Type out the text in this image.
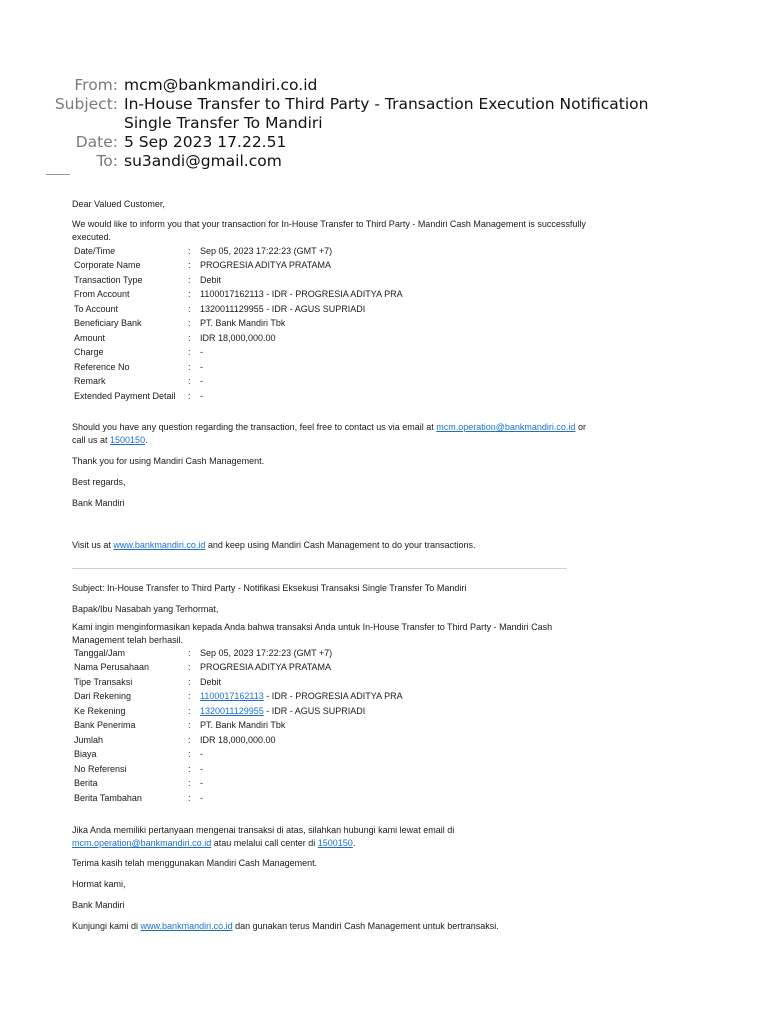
From: mcm@bankmandiri.co.id
Subject: In-House Transfer to Third Party - Transaction Execution Notification Single Transfer To Mandiri
Date: 5 Sep 2023 17.22.51
To: su3andi@gmail.com

Dear Valued Customer,

We would like to inform you that your transaction for In-House Transfer to Third Party - Mandiri Cash Management is successfully executed.

Date/Time	:	Sep 05, 2023 17:22:23 (GMT +7)
Corporate Name	:	PROGRESIA ADITYA PRATAMA
Transaction Type	:	Debit
From Account	:	1100017162113 - IDR - PROGRESIA ADITYA PRA
To Account	:	1320011129955 - IDR - AGUS SUPRIADI
Beneficiary Bank	:	PT. Bank Mandiri Tbk
Amount	:	IDR 18,000,000.00
Charge	:	-
Reference No	:	-
Remark	:	-
Extended Payment Detail	:	-

Should you have any question regarding the transaction, feel free to contact us via email at mcm.operation@bankmandiri.co.id or call us at 1500150.

Thank you for using Mandiri Cash Management.

Best regards,

Bank Mandiri

Visit us at www.bankmandiri.co.id and keep using Mandiri Cash Management to do your transactions.

Subject: In-House Transfer to Third Party - Notifikasi Eksekusi Transaksi Single Transfer To Mandiri

Bapak/Ibu Nasabah yang Terhormat,

Kami ingin menginformasikan kepada Anda bahwa transaksi Anda untuk In-House Transfer to Third Party - Mandiri Cash Management telah berhasil.

Tanggal/Jam	:	Sep 05, 2023 17:22:23 (GMT +7)
Nama Perusahaan	:	PROGRESIA ADITYA PRATAMA
Tipe Transaksi	:	Debit
Dari Rekening	:	1100017162113 - IDR - PROGRESIA ADITYA PRA
Ke Rekening	:	1320011129955 - IDR - AGUS SUPRIADI
Bank Penerima	:	PT. Bank Mandiri Tbk
Jumlah	:	IDR 18,000,000.00
Biaya	:	-
No Referensi	:	-
Berita	:	-
Berita Tambahan	:	-

Jika Anda memiliki pertanyaan mengenai transaksi di atas, silahkan hubungi kami lewat email di mcm.operation@bankmandiri.co.id atau melalui call center di 1500150.

Terima kasih telah menggunakan Mandiri Cash Management.

Hormat kami,

Bank Mandiri

Kunjungi kami di www.bankmandiri.co.id dan gunakan terus Mandiri Cash Management untuk bertransaksi.
